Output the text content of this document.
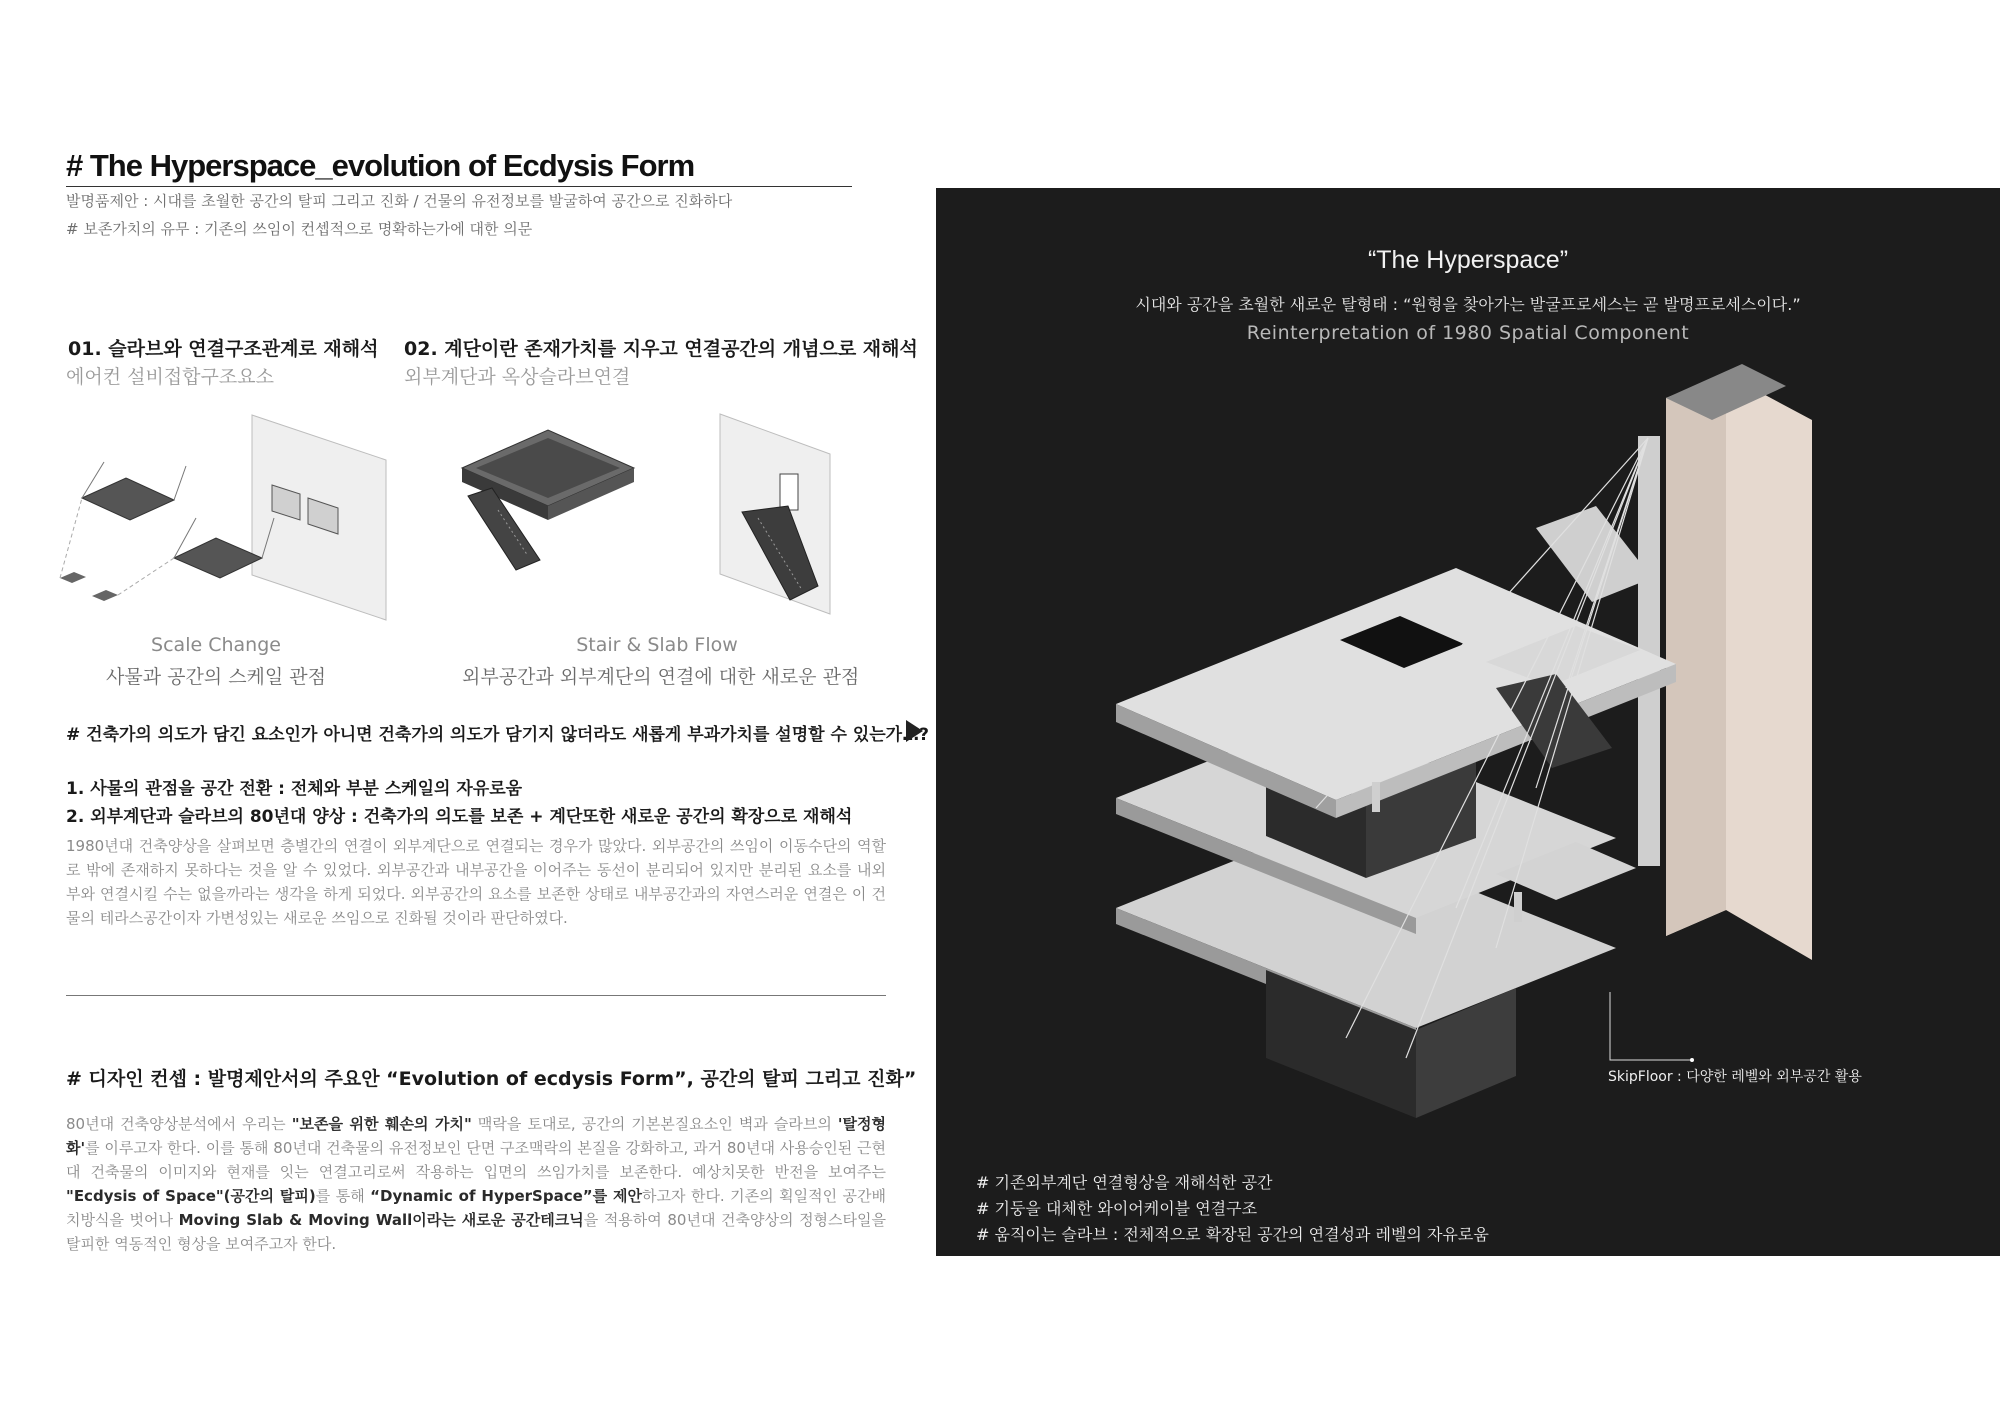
# The Hyperspace_evolution of Ecdysis Form
발명품제안 : 시대를 초월한 공간의 탈피 그리고 진화 / 건물의 유전정보를 발굴하여 공간으로 진화하다
# 보존가치의 유무 : 기존의 쓰임이 컨셉적으로 명확하는가에 대한 의문
01. 슬라브와 연결구조관계로 재해석
에어컨 설비접합구조요소
Scale Change
사물과 공간의 스케일 관점
02. 계단이란 존재가치를 지우고 연결공간의 개념으로 재해석
외부계단과 옥상슬라브연결
Stair & Slab Flow
외부공간과 외부계단의 연결에 대한 새로운 관점
# 건축가의 의도가 담긴 요소인가 아니면 건축가의 의도가 담기지 않더라도 새롭게 부과가치를 설명할 수 있는가…?
1. 사물의 관점을 공간 전환 : 전체와 부분 스케일의 자유로움
2. 외부계단과 슬라브의 80년대 양상 : 건축가의 의도를 보존 + 계단또한 새로운 공간의 확장으로 재해석
1980년대 건축양상을 살펴보면 층별간의 연결이 외부계단으로 연결되는 경우가 많았다. 외부공간의 쓰임이 이동수단의 역할로 밖에 존재하지 못하다는 것을 알 수 있었다. 외부공간과 내부공간을 이어주는 동선이 분리되어 있지만 분리된 요소를 내외부와 연결시킬 수는 없을까라는 생각을 하게 되었다. 외부공간의 요소를 보존한 상태로 내부공간과의 자연스러운 연결은 이 건물의 테라스공간이자 가변성있는 새로운 쓰임으로 진화될 것이라 판단하였다.
# 디자인 컨셉 : 발명제안서의 주요안 “Evolution of ecdysis Form”, 공간의 탈피 그리고 진화”
80년대 건축양상분석에서 우리는 "보존을 위한 훼손의 가치" 맥락을 토대로, 공간의 기본본질요소인 벽과 슬라브의 '탈정형화'를 이루고자 한다. 이를 통해 80년대 건축물의 유전정보인 단면 구조맥락의 본질을 강화하고, 과거 80년대 사용승인된 근현대 건축물의 이미지와 현재를 잇는 연결고리로써 작용하는 입면의 쓰임가치를 보존한다. 예상치못한 반전을 보여주는 "Ecdysis of Space"(공간의 탈피)를 통해 “Dynamic of HyperSpace”를 제안하고자 한다. 기존의 획일적인 공간배치방식을 벗어나 Moving Slab & Moving Wall이라는 새로운 공간테크닉을 적용하여 80년대 건축양상의 정형스타일을 탈피한 역동적인 형상을 보여주고자 한다.
“The Hyperspace”
시대와 공간을 초월한 새로운 탈형태 : “원형을 찾아가는 발굴프로세스는 곧 발명프로세스이다.”
Reinterpretation of 1980 Spatial Component
SkipFloor : 다양한 레벨와 외부공간 활용
# 기존외부계단 연결형상을 재해석한 공간
# 기둥을 대체한 와이어케이블 연결구조
# 움직이는 슬라브 : 전체적으로 확장된 공간의 연결성과 레벨의 자유로움
